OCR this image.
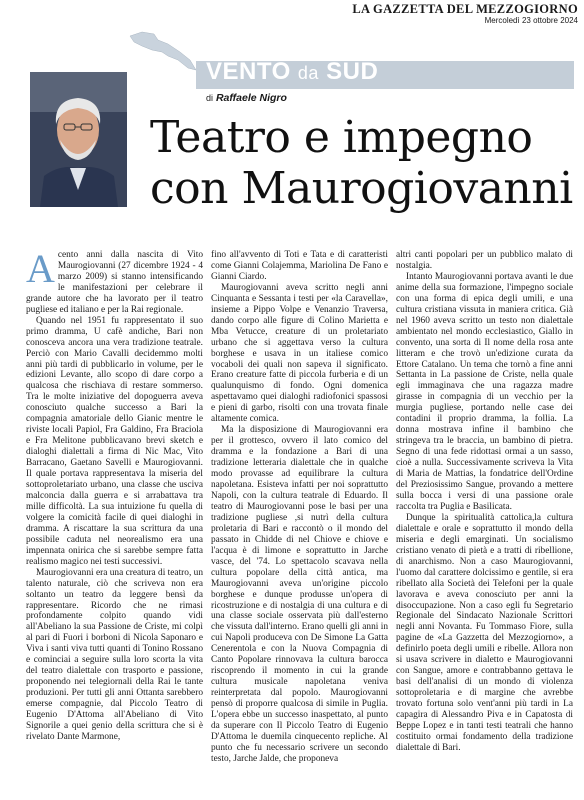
LA GAZZETTA DEL MEZZOGIORNO
Mercoledì 23 ottobre 2024
VENTO da SUD
di Raffaele Nigro
Teatro e impegno
con Maurogiovanni
A cento anni dalla nascita di Vito Maurogiovanni (27 dicembre 1924 - 4 marzo 2009) si stanno intensificando le manifestazioni per celebrare il grande autore che ha lavorato per il teatro pugliese ed italiano e per la Rai regionale.

Quando nel 1951 fu rappresentato il suo primo dramma, U cafè andiche, Bari non conosceva ancora una vera tradizione teatrale. Perciò con Mario Cavalli decidemmo molti anni più tardi di pubblicarlo in volume, per le edizioni Levante, allo scopo di dare corpo a qualcosa che rischiava di restare sommerso. Tra le molte iniziative del dopoguerra aveva conosciuto qualche successo a Bari la compagnia amatoriale dello Gianic mentre le riviste locali Papiol, Fra Galdino, Fra Braciola e Fra Melitone pubblicavano brevi sketch e dialoghi dialettali a firma di Nic Mac, Vito Barracano, Gaetano Savelli e Maurogiovanni. Il quale portava rappresentava la miseria del sottoproletariato urbano, una classe che usciva malconcia dalla guerra e si arrabattava tra mille difficoltà. La sua intuizione fu quella di volgere la comicità facile di quei dialoghi in dramma. A riscattare la sua scrittura da una possibile caduta nel neorealismo era una impennata onirica che si sarebbe sempre fatta realismo magico nei testi successivi.

Maurogiovanni era una creatura di teatro, un talento naturale, ciò che scriveva non era soltanto un teatro da leggere bensì da rappresentare. Ricordo che ne rimasi profondamente colpito quando vidi all'Abeliano la sua Passione de Criste, mi colpì al pari di Fuori i borboni di Nicola Saponaro e Viva i santi viva tutti quanti di Tonino Rossano e cominciai a seguire sulla loro scorta la vita del teatro dialettale con trasporto e passione, proponendo nei telegiornali della Rai le tante produzioni. Per tutti gli anni Ottanta sarebbero emerse compagnie, dal Piccolo Teatro di Eugenio D'Attoma all'Abeliano di Vito Signorile a quei genio della scrittura che si è rivelato Dante Marmone,

fino all'avvento di Toti e Tata e di caratteristi come Gianni Colajemma, Mariolina De Fano e Gianni Ciardo.

Maurogiovanni aveva scritto negli anni Cinquanta e Sessanta i testi per «la Caravella», insieme a Pippo Volpe e Venanzio Traversa, dando corpo alle figure di Colino Marietta e Mba Vetucce, creature di un proletariato urbano che si aggettava verso la cultura borghese e usava in un italiese comico vocaboli dei quali non sapeva il significato. Erano creature fatte di piccola furberia e di un qualunquismo di fondo. Ogni domenica aspettavamo quei dialoghi radiofonici spassosi e pieni di garbo, risolti con una trovata finale altamente comica.

Ma la disposizione di Maurogiovanni era per il grottesco, ovvero il lato comico del dramma e la fondazione a Bari di una tradizione letteraria dialettale che in qualche modo provasse ad equilibrare la cultura napoletana. Esisteva infatti per noi soprattutto Napoli, con la cultura teatrale di Eduardo. Il teatro di Maurogiovanni pose le basi per una tradizione pugliese ,si nutrì della cultura proletaria di Bari e raccontò o il mondo del passato in Chidde di nel Chiove e chiove e l'acqua è di limone e soprattutto in Jarche vasce, del '74. Lo spettacolo scavava nella cultura popolare della città antica, ma Maurogiovanni aveva un'origine piccolo borghese e dunque produsse un'opera di ricostruzione e di nostalgia di una cultura e di una classe sociale osservata più dall'esterno che vissuta dall'interno. Erano quelli gli anni in cui Napoli produceva con De Simone La Gatta Cenerentola e con la Nuova Compagnia di Canto Popolare rinnovava la cultura barocca riscoprendo il momento in cui la grande cultura musicale napoletana veniva reinterpretata dal popolo. Maurogiovanni pensò di proporre qualcosa di simile in Puglia. L'opera ebbe un successo inaspettato, al punto da superare con Il Piccolo Teatro di Eugenio D'Attoma le duemila cinquecento repliche. Al punto che fu necessario scrivere un secondo testo, Jarche Jalde, che proponeva

altri canti popolari per un pubblico malato di nostalgia.

Intanto Maurogiovanni portava avanti le due anime della sua formazione, l'impegno sociale con una forma di epica degli umili, e una cultura cristiana vissuta in maniera critica. Già nel 1960 aveva scritto un testo non dialettale ambientato nel mondo ecclesiastico, Giallo in convento, una sorta di Il nome della rosa ante litteram e che trovò un'edizione curata da Ettore Catalano. Un tema che tornò a fine anni Settanta in La passione de Criste, nella quale egli immaginava che una ragazza madre girasse in compagnia di un vecchio per la murgia pugliese, portando nelle case dei contadini il proprio dramma, la follia. La donna mostrava infine il bambino che stringeva tra le braccia, un bambino di pietra. Segno di una fede ridottasi ormai a un sasso, cioè a nulla. Successivamente scriveva la Vita di Maria de Mattias, la fondatrice dell'Ordine del Preziosissimo Sangue, provando a mettere sulla bocca i versi di una passione orale raccolta tra Puglia e Basilicata.

Dunque la spiritualità cattolica,la cultura dialettale e orale e soprattutto il mondo della miseria e degli emarginati. Un socialismo cristiano venato di pietà e a tratti di ribellione, di anarchismo. Non a caso Maurogiovanni, l'uomo dal carattere dolcissimo e gentile, si era ribellato alla Società dei Telefoni per la quale lavorava e aveva conosciuto per anni la disoccupazione. Non a caso egli fu Segretario Regionale del Sindacato Nazionale Scrittori negli anni Novanta. Fu Tommaso Fiore, sulla pagine de «La Gazzetta del Mezzogiorno», a definirlo poeta degli umili e ribelle. Allora non si usava scrivere in dialetto e Maurogiovanni con Sangue, amore e contrabbanno gettava le basi dell'analisi di un mondo di violenza sottoproletaria e di margine che avrebbe trovato fortuna solo vent'anni più tardi in La capagira di Alessandro Piva e in Capatosta di Beppe Lopez e in tanti testi teatrali che hanno costituito ormai fondamento della tradizione dialettale di Bari.
